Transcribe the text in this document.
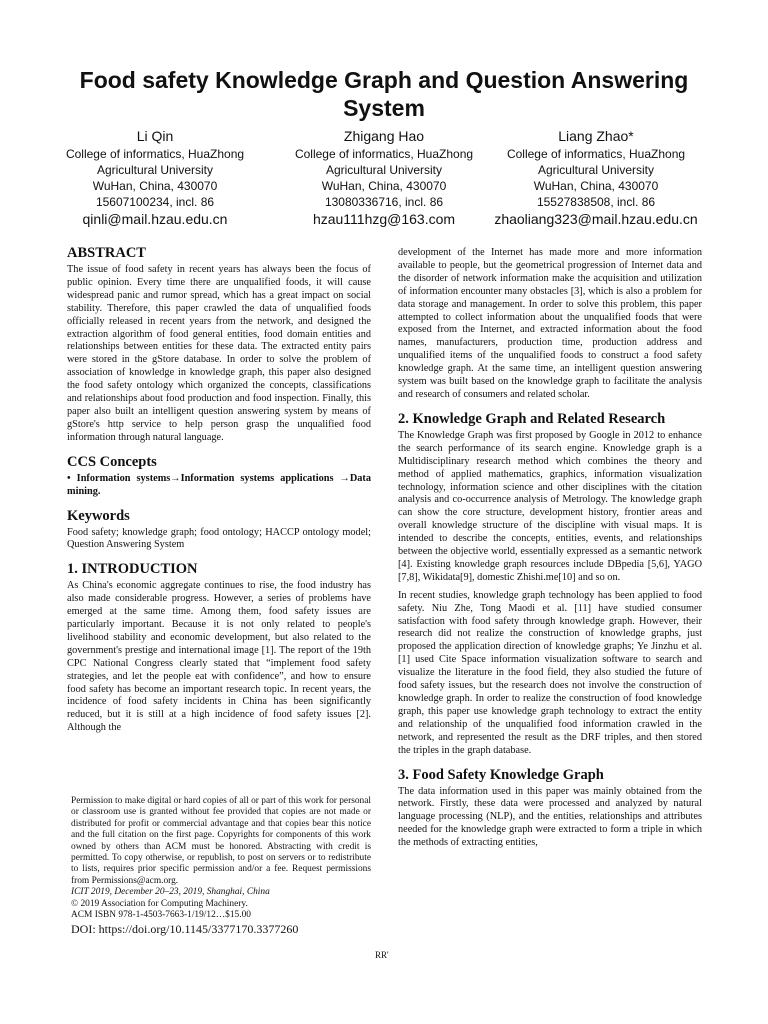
Food safety Knowledge Graph and Question Answering System
Li Qin
College of informatics, HuaZhong
Agricultural University
WuHan, China, 430070
15607100234, incl. 86
qinli@mail.hzau.edu.cn
Zhigang Hao
College of informatics, HuaZhong
Agricultural University
WuHan, China, 430070
13080336716, incl. 86
hzau111hzg@163.com
Liang Zhao*
College of informatics, HuaZhong
Agricultural University
WuHan, China, 430070
15527838508, incl. 86
zhaoliang323@mail.hzau.edu.cn
ABSTRACT

The issue of food safety in recent years has always been the focus of public opinion. Every time there are unqualified foods, it will cause widespread panic and rumor spread, which has a great impact on social stability. Therefore, this paper crawled the data of unqualified foods officially released in recent years from the network, and designed the extraction algorithm of food general entities, food domain entities and relationships between entities for these data. The extracted entity pairs were stored in the gStore database. In order to solve the problem of association of knowledge in knowledge graph, this paper also designed the food safety ontology which organized the concepts, classifications and relationships about food production and food inspection. Finally, this paper also built an intelligent question answering system by means of gStore's http service to help person grasp the unqualified food information through natural language.

CCS Concepts

• Information systems→Information systems applications →Data mining.

Keywords

Food safety; knowledge graph; food ontology; HACCP ontology model; Question Answering System

1. INTRODUCTION

As China's economic aggregate continues to rise, the food industry has also made considerable progress. However, a series of problems have emerged at the same time. Among them, food safety issues are particularly important. Because it is not only related to people's livelihood stability and economic development, but also related to the government's prestige and international image [1]. The report of the 19th CPC National Congress clearly stated that “implement food safety strategies, and let the people eat with confidence”, and how to ensure food safety has become an important research topic. In recent years, the incidence of food safety incidents in China has been significantly reduced, but it is still at a high incidence of food safety issues [2]. Although the

Permission to make digital or hard copies of all or part of this work for personal or classroom use is granted without fee provided that copies are not made or distributed for profit or commercial advantage and that copies bear this notice and the full citation on the first page. Copyrights for components of this work owned by others than ACM must be honored. Abstracting with credit is permitted. To copy otherwise, or republish, to post on servers or to redistribute to lists, requires prior specific permission and/or a fee. Request permissions from Permissions@acm.org.

ICIT 2019, December 20–23, 2019, Shanghai, China
© 2019 Association for Computing Machinery.
ACM ISBN 978-1-4503-7663-1/19/12…$15.00
DOI: https://doi.org/10.1145/3377170.3377260

development of the Internet has made more and more information available to people, but the geometrical progression of Internet data and the disorder of network information make the acquisition and utilization of information encounter many obstacles [3], which is also a problem for data storage and management. In order to solve this problem, this paper attempted to collect information about the unqualified foods that were exposed from the Internet, and extracted information about the food names, manufacturers, production time, production address and unqualified items of the unqualified foods to construct a food safety knowledge graph. At the same time, an intelligent question answering system was built based on the knowledge graph to facilitate the analysis and research of consumers and related scholar.

2. Knowledge Graph and Related Research

The Knowledge Graph was first proposed by Google in 2012 to enhance the search performance of its search engine. Knowledge graph is a Multidisciplinary research method which combines the theory and method of applied mathematics, graphics, information visualization technology, information science and other disciplines with the citation analysis and co-occurrence analysis of Metrology. The knowledge graph can show the core structure, development history, frontier areas and overall knowledge structure of the discipline with visual maps. It is intended to describe the concepts, entities, events, and relationships between the objective world, essentially expressed as a semantic network [4]. Existing knowledge graph resources include DBpedia [5,6], YAGO [7,8], Wikidata[9], domestic Zhishi.me[10] and so on.

In recent studies, knowledge graph technology has been applied to food safety. Niu Zhe, Tong Maodi et al. [11] have studied consumer satisfaction with food safety through knowledge graph. However, their research did not realize the construction of knowledge graphs, just proposed the application direction of knowledge graphs; Ye Jinzhu et al.[1] used Cite Space information visualization software to search and visualize the literature in the food field, they also studied the future of food safety issues, but the research does not involve the construction of knowledge graph. In order to realize the construction of food knowledge graph, this paper use knowledge graph technology to extract the entity and relationship of the unqualified food information crawled in the network, and represented the result as the DRF triples, and then stored the triples in the graph database.

3. Food Safety Knowledge Graph

The data information used in this paper was mainly obtained from the network. Firstly, these data were processed and analyzed by natural language processing (NLP), and the entities, relationships and attributes needed for the knowledge graph were extracted to form a triple in which the methods of extracting entities,

RR'
